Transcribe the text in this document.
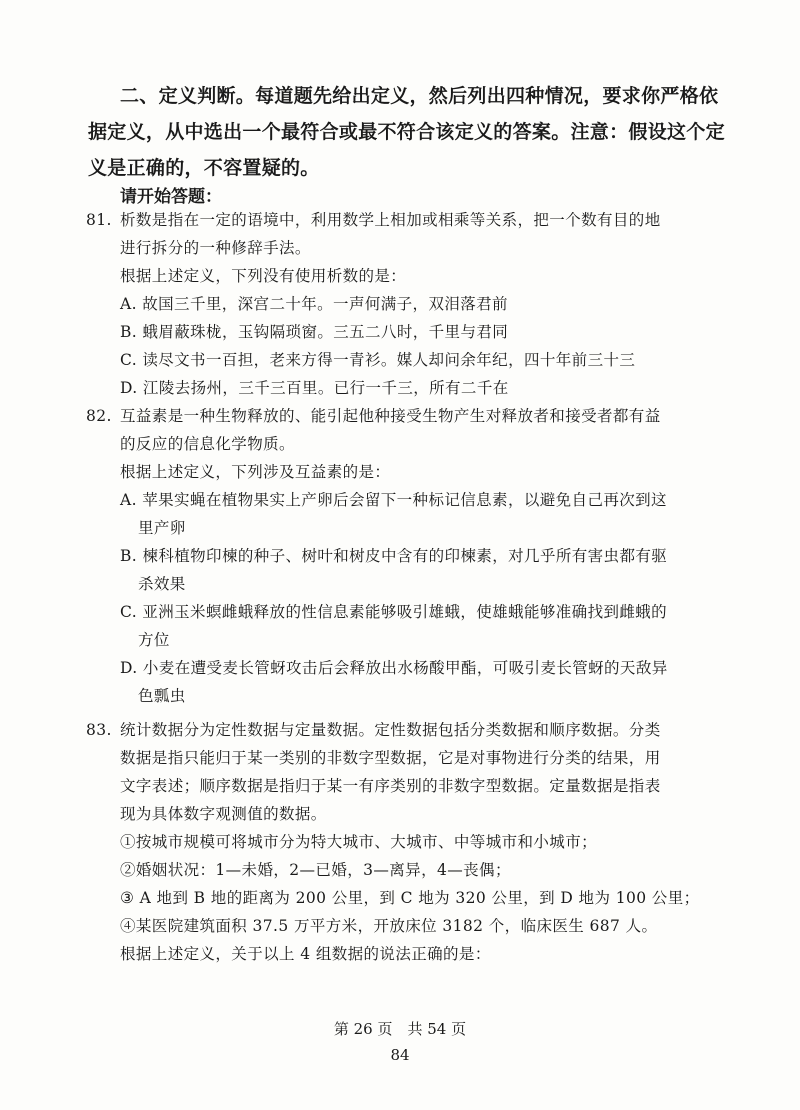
二、定义判断。每道题先给出定义，然后列出四种情况，要求你严格依据定义，从中选出一个最符合或最不符合该定义的答案。注意：假设这个定义是正确的，不容置疑的。

请开始答题：
81. 析数是指在一定的语境中，利用数学上相加或相乘等关系，把一个数有目的地

进行拆分的一种修辞手法。

根据上述定义，下列没有使用析数的是：

A. 故国三千里，深宫二十年。一声何满子，双泪落君前

B. 蛾眉蔽珠栊，玉钩隔琐窗。三五二八时，千里与君同

C. 读尽文书一百担，老来方得一青衫。媒人却问余年纪，四十年前三十三

D. 江陵去扬州，三千三百里。已行一千三，所有二千在

82. 互益素是一种生物释放的、能引起他种接受生物产生对释放者和接受者都有益

的反应的信息化学物质。

根据上述定义，下列涉及互益素的是：

A. 苹果实蝇在植物果实上产卵后会留下一种标记信息素，以避免自己再次到这

里产卵

B. 楝科植物印楝的种子、树叶和树皮中含有的印楝素，对几乎所有害虫都有驱

杀效果

C. 亚洲玉米螟雌蛾释放的性信息素能够吸引雄蛾，使雄蛾能够准确找到雌蛾的

方位

D. 小麦在遭受麦长管蚜攻击后会释放出水杨酸甲酯，可吸引麦长管蚜的天敌异

色瓢虫

83. 统计数据分为定性数据与定量数据。定性数据包括分类数据和顺序数据。分类

数据是指只能归于某一类别的非数字型数据，它是对事物进行分类的结果，用

文字表述；顺序数据是指归于某一有序类别的非数字型数据。定量数据是指表

现为具体数字观测值的数据。

①按城市规模可将城市分为特大城市、大城市、中等城市和小城市；

②婚姻状况：1—未婚，2—已婚，3—离异，4—丧偶；

③ A 地到 B 地的距离为 200 公里，到 C 地为 320 公里，到 D 地为 100 公里；

④某医院建筑面积 37.5 万平方米，开放床位 3182 个，临床医生 687 人。

根据上述定义，关于以上 4 组数据的说法正确的是：

第 26 页　共 54 页
84
